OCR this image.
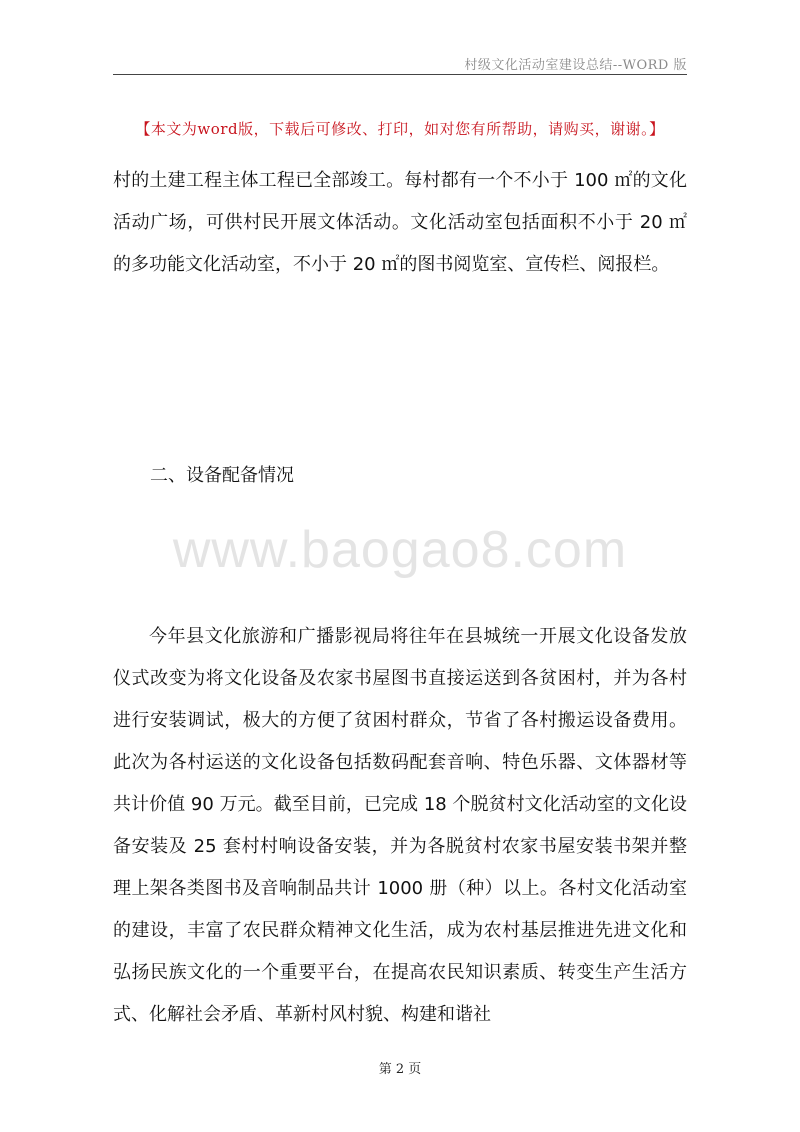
村级文化活动室建设总结--WORD 版
【本文为word版，下载后可修改、打印，如对您有所帮助，请购买，谢谢。】

村的土建工程主体工程已全部竣工。每村都有一个不小于 100 ㎡的文化活动广场，可供村民开展文体活动。文化活动室包括面积不小于 20 ㎡的多功能文化活动室，不小于 20 ㎡的图书阅览室、宣传栏、阅报栏。

二、设备配备情况
www.baogao8.com

今年县文化旅游和广播影视局将往年在县城统一开展文化设备发放仪式改变为将文化设备及农家书屋图书直接运送到各贫困村，并为各村进行安装调试，极大的方便了贫困村群众，节省了各村搬运设备费用。此次为各村运送的文化设备包括数码配套音响、特色乐器、文体器材等共计价值 90 万元。截至目前，已完成 18 个脱贫村文化活动室的文化设备安装及 25 套村村响设备安装，并为各脱贫村农家书屋安装书架并整理上架各类图书及音响制品共计 1000 册（种）以上。各村文化活动室的建设，丰富了农民群众精神文化生活，成为农村基层推进先进文化和弘扬民族文化的一个重要平台，在提高农民知识素质、转变生产生活方式、化解社会矛盾、革新村风村貌、构建和谐社

第 2 页
